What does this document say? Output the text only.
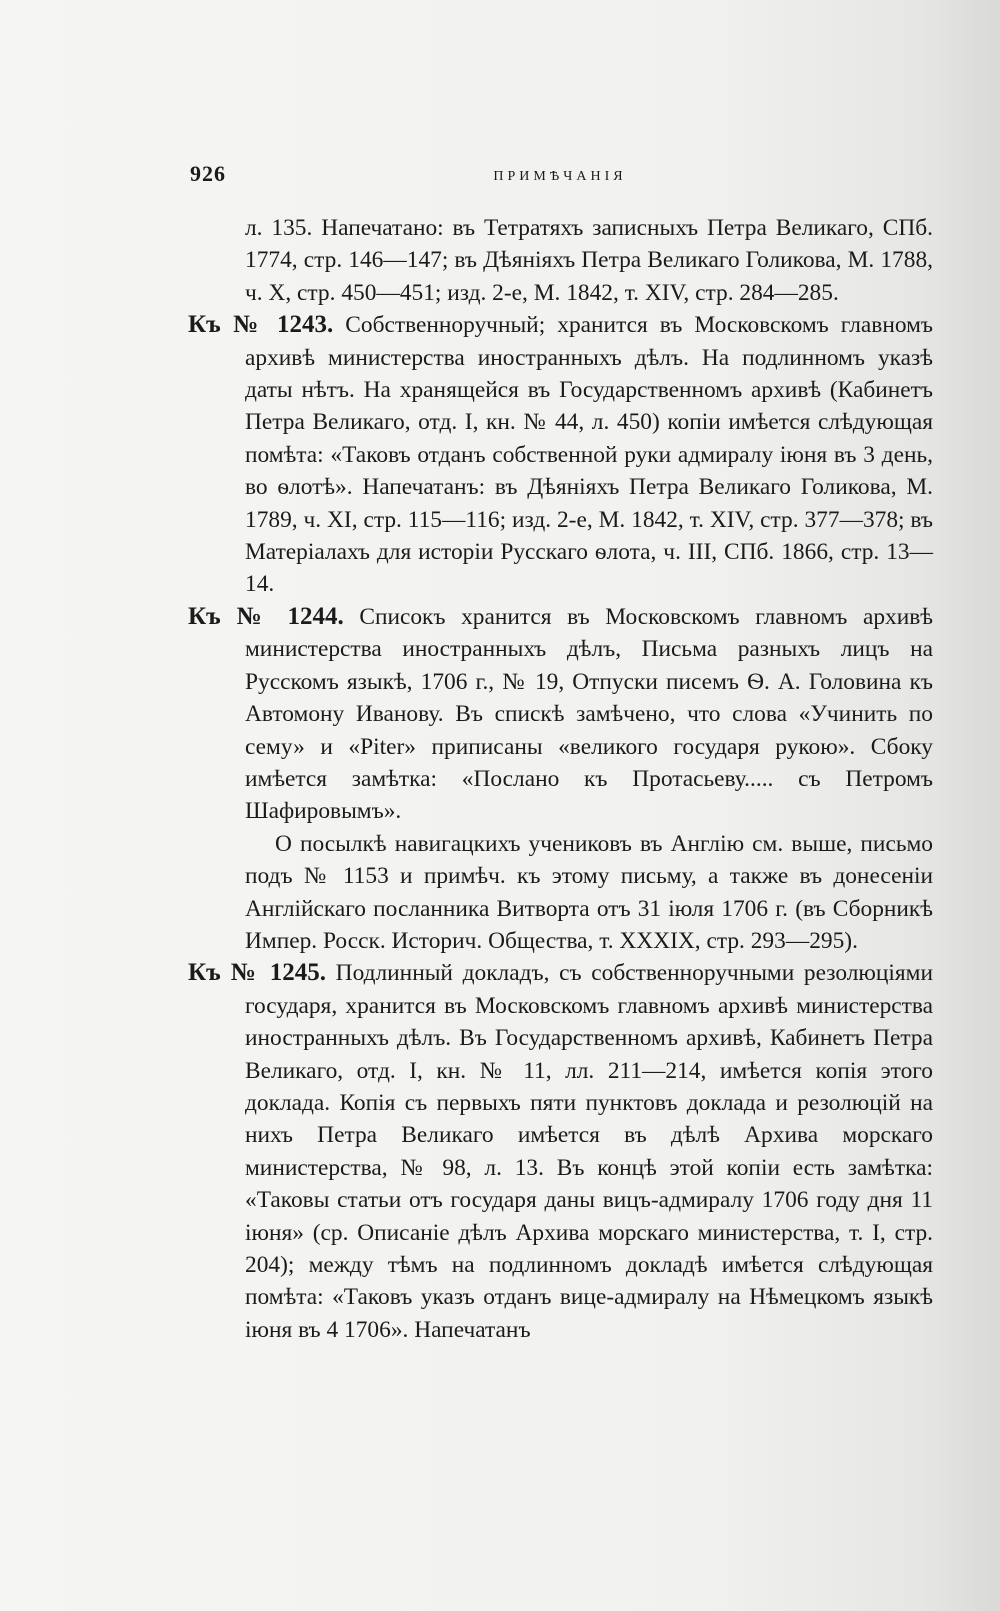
926	ПРИМѢЧАНIЯ

л. 135. Напечатано: въ Тетратяхъ записныхъ Петра Великаго, СПб. 1774, стр. 146—147; въ Дѣяніяхъ Петра Великаго Голикова, М. 1788, ч. X, стр. 450—451; изд. 2-е, М. 1842, т. XIV, стр. 284—285.

Къ № 1243. Собственноручный; хранится въ Московскомъ главномъ архивѣ министерства иностранныхъ дѣлъ. На подлинномъ указѣ даты нѣтъ. На хранящейся въ Государственномъ архивѣ (Кабинетъ Петра Великаго, отд. I, кн. № 44, л. 450) копіи имѣется слѣдующая помѣта: «Таковъ отданъ собственной руки адмиралу іюня въ 3 день, во ѳлотѣ». Напечатанъ: въ Дѣяніяхъ Петра Великаго Голикова, М. 1789, ч. XI, стр. 115—116; изд. 2-е, М. 1842, т. XIV, стр. 377—378; въ Матеріалахъ для исторіи Русскаго ѳлота, ч. III, СПб. 1866, стр. 13—14.

Къ № 1244. Списокъ хранится въ Московскомъ главномъ архивѣ министерства иностранныхъ дѣлъ, Письма разныхъ лицъ на Русскомъ языкѣ, 1706 г., № 19, Отпуски писемъ Ѳ. А. Головина къ Автомону Иванову. Въ спискѣ замѣчено, что слова «Учинить по сему» и «Piter» приписаны «великого государя рукою». Сбоку имѣется замѣтка: «Послано къ Протасьеву..... съ Петромъ Шафировымъ».

О посылкѣ навигацкихъ учениковъ въ Англію см. выше, письмо подъ № 1153 и примѣч. къ этому письму, а также въ донесеніи Англійскаго посланника Витворта отъ 31 іюля 1706 г. (въ Сборникѣ Импер. Росск. Историч. Общества, т. XXXIX, стр. 293—295).

Къ № 1245. Подлинный докладъ, съ собственноручными резолюціями государя, хранится въ Московскомъ главномъ архивѣ министерства иностранныхъ дѣлъ. Въ Государственномъ архивѣ, Кабинетъ Петра Великаго, отд. I, кн. № 11, лл. 211—214, имѣется копія этого доклада. Копія съ первыхъ пяти пунктовъ доклада и резолюцій на нихъ Петра Великаго имѣется въ дѣлѣ Архива морскаго министерства, № 98, л. 13. Въ концѣ этой копіи есть замѣтка: «Таковы статьи отъ государя даны вицъ-адмиралу 1706 году дня 11 іюня» (ср. Описаніе дѣлъ Архива морскаго министерства, т. I, стр. 204); между тѣмъ на подлинномъ докладѣ имѣется слѣдующая помѣта: «Таковъ указъ отданъ вице-адмиралу на Нѣмецкомъ языкѣ іюня въ 4 1706». Напечатанъ
